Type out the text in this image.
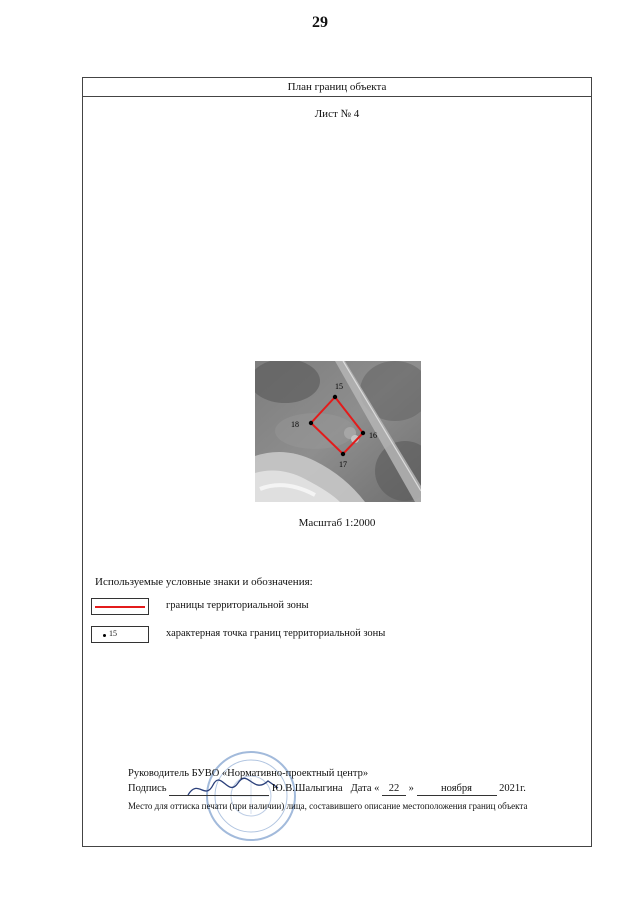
29
План границ объекта
Лист № 4
15
16
17
18
Масштаб 1:2000
Используемые условные знаки и обозначения:
границы территориальной зоны
15	характерная точка границ территориальной зоны
Руководитель БУВО «Нормативно-проектный центр»
Подпись	Ю.В.Шалыгина Дата « 22 »	ноября	2021г.
Место для оттиска печати (при наличии) лица, составившего описание местоположения границ объекта
